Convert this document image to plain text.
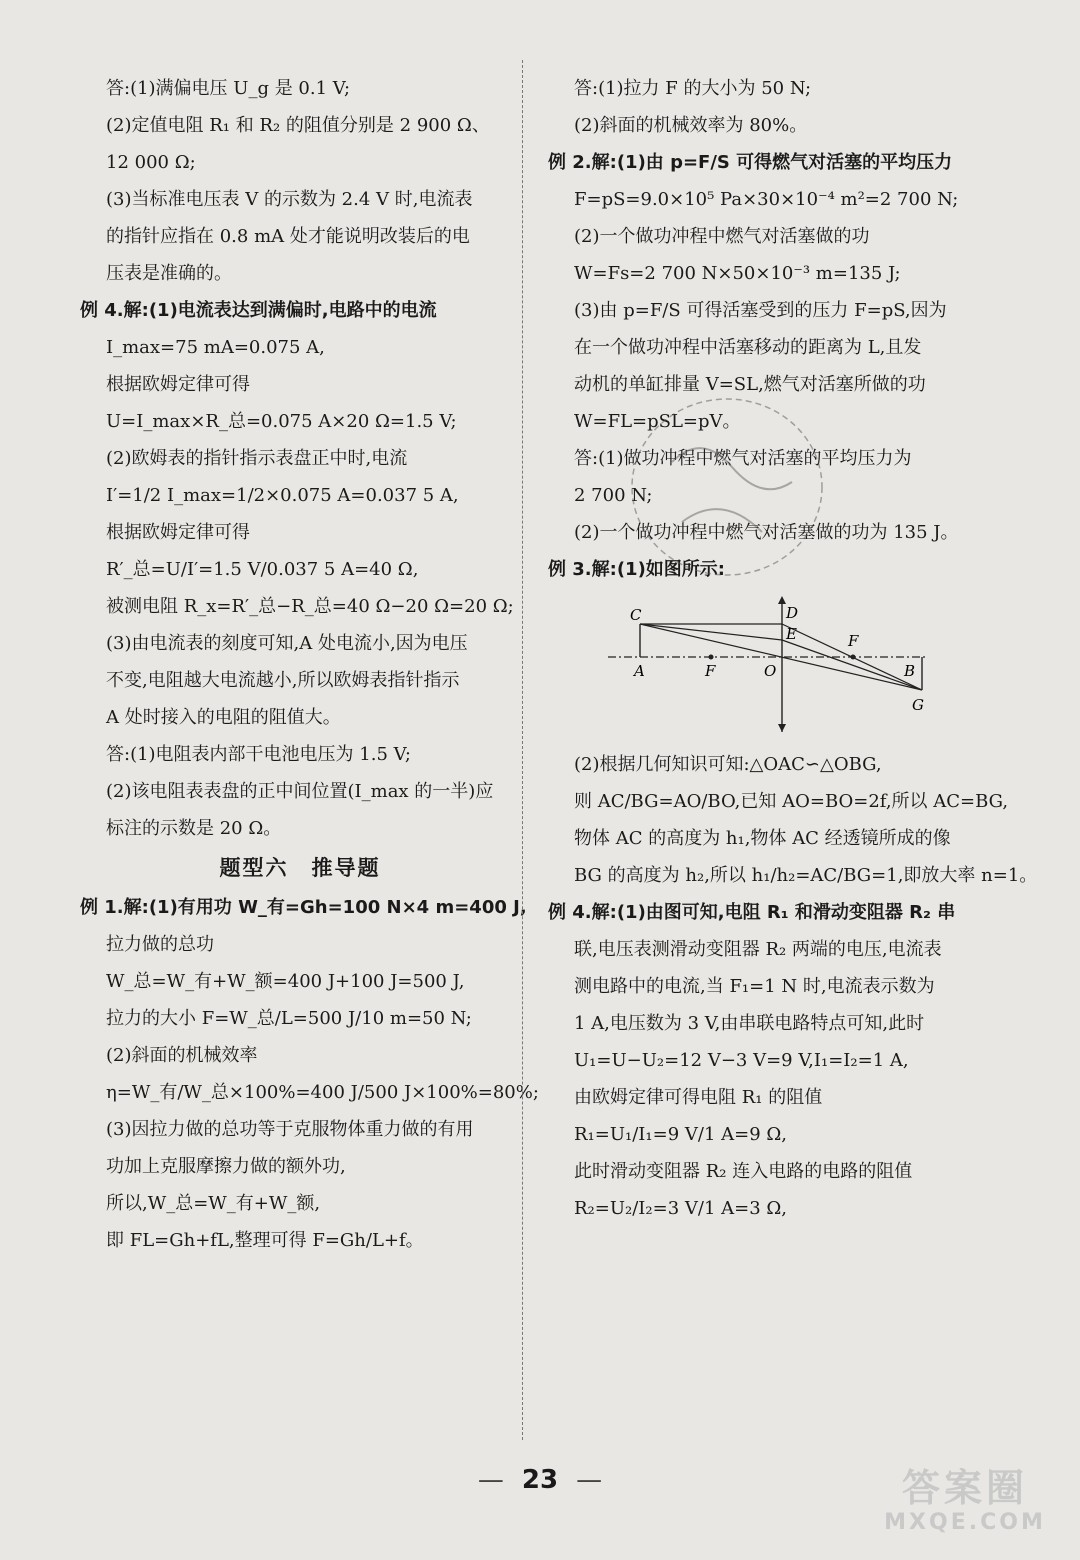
答:(1)满偏电压 U_g 是 0.1 V;
(2)定值电阻 R₁ 和 R₂ 的阻值分别是 2 900 Ω、
12 000 Ω;
(3)当标准电压表 V 的示数为 2.4 V 时,电流表
的指针应指在 0.8 mA 处才能说明改装后的电
压表是准确的。
例 4.解:(1)电流表达到满偏时,电路中的电流
I_max=75 mA=0.075 A,
根据欧姆定律可得
U=I_max×R_总=0.075 A×20 Ω=1.5 V;
(2)欧姆表的指针指示表盘正中时,电流
I′=1/2 I_max=1/2×0.075 A=0.037 5 A,
根据欧姆定律可得
R′_总=U/I′=1.5 V/0.037 5 A=40 Ω,
被测电阻 R_x=R′_总−R_总=40 Ω−20 Ω=20 Ω;
(3)由电流表的刻度可知,A 处电流小,因为电压
不变,电阻越大电流越小,所以欧姆表指针指示
A 处时接入的电阻的阻值大。
答:(1)电阻表内部干电池电压为 1.5 V;
(2)该电阻表表盘的正中间位置(I_max 的一半)应
标注的示数是 20 Ω。
题型六　推导题
例 1.解:(1)有用功 W_有=Gh=100 N×4 m=400 J,
拉力做的总功
W_总=W_有+W_额=400 J+100 J=500 J,
拉力的大小 F=W_总/L=500 J/10 m=50 N;
(2)斜面的机械效率
η=W_有/W_总×100%=400 J/500 J×100%=80%;
(3)因拉力做的总功等于克服物体重力做的有用
功加上克服摩擦力做的额外功,
所以,W_总=W_有+W_额,
即 FL=Gh+fL,整理可得 F=Gh/L+f。
答:(1)拉力 F 的大小为 50 N;
(2)斜面的机械效率为 80%。
例 2.解:(1)由 p=F/S 可得燃气对活塞的平均压力
F=pS=9.0×10⁵ Pa×30×10⁻⁴ m²=2 700 N;
(2)一个做功冲程中燃气对活塞做的功
W=Fs=2 700 N×50×10⁻³ m=135 J;
(3)由 p=F/S 可得活塞受到的压力 F=pS,因为
在一个做功冲程中活塞移动的距离为 L,且发
动机的单缸排量 V=SL,燃气对活塞所做的功
W=FL=pSL=pV。
答:(1)做功冲程中燃气对活塞的平均压力为
2 700 N;
(2)一个做功冲程中燃气对活塞做的功为 135 J。
例 3.解:(1)如图所示:
C	D
E	F
A	F	O	B
G
(2)根据几何知识可知:△OAC∽△OBG,
则 AC/BG=AO/BO,已知 AO=BO=2f,所以 AC=BG,
物体 AC 的高度为 h₁,物体 AC 经透镜所成的像
BG 的高度为 h₂,所以 h₁/h₂=AC/BG=1,即放大率 n=1。
例 4.解:(1)由图可知,电阻 R₁ 和滑动变阻器 R₂ 串
联,电压表测滑动变阻器 R₂ 两端的电压,电流表
测电路中的电流,当 F₁=1 N 时,电流表示数为
1 A,电压数为 3 V,由串联电路特点可知,此时
U₁=U−U₂=12 V−3 V=9 V,I₁=I₂=1 A,
由欧姆定律可得电阻 R₁ 的阻值
R₁=U₁/I₁=9 V/1 A=9 Ω,
此时滑动变阻器 R₂ 连入电路的电路的阻值
R₂=U₂/I₂=3 V/1 A=3 Ω,
— 23 —	答案圈
MXQE.COM
